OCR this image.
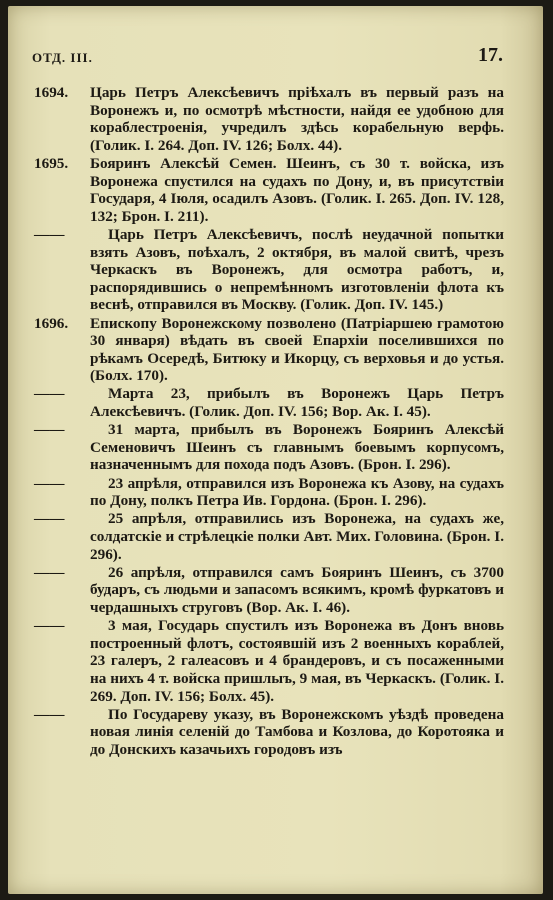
ОТД. III.	17.
1694.	Царь Петръ Алексѣевичъ пріѣхалъ въ первый разъ на Воронежъ и, по осмотрѣ мѣстности, найдя ее удобною для кораблестроенія, учредилъ здѣсь корабельную верфь. (Голик. I. 264. Доп. IV. 126; Болх. 44).
1695.	Бояринъ Алексѣй Семен. Шеинъ, съ 30 т. войска, изъ Воронежа спустился на судахъ по Дону, и, въ присутствіи Государя, 4 Іюля, осадилъ Азовъ. (Голик. I. 265. Доп. IV. 128, 132; Брон. I. 211).
——	Царь Петръ Алексѣевичъ, послѣ неудачной попытки взять Азовъ, поѣхалъ, 2 октября, въ малой свитѣ, чрезъ Черкаскъ въ Воронежъ, для осмотра работъ, и, распорядившись о непремѣнномъ изготовленіи флота къ веснѣ, отправился въ Москву. (Голик. Доп. IV. 145.)
1696.	Епископу Воронежскому позволено (Патріаршею грамотою 30 января) вѣдать въ своей Епархіи поселившихся по рѣкамъ Осередѣ, Битюку и Икорцу, съ верховья и до устья. (Болх. 170).
——	Марта 23, прибылъ въ Воронежъ Царь Петръ Алексѣевичъ. (Голик. Доп. IV. 156; Вор. Ак. I. 45).
——	31 марта, прибылъ въ Воронежъ Бояринъ Алексѣй Семеновичъ Шеинъ съ главнымъ боевымъ корпусомъ, назначеннымъ для похода подъ Азовъ. (Брон. I. 296).
——	23 апрѣля, отправился изъ Воронежа къ Азову, на судахъ по Дону, полкъ Петра Ив. Гордона. (Брон. I. 296).
——	25 апрѣля, отправились изъ Воронежа, на судахъ же, солдатскіе и стрѣлецкіе полки Авт. Мих. Головина. (Брон. I. 296).
——	26 апрѣля, отправился самъ Бояринъ Шеинъ, съ 3700 бударъ, съ людьми и запасомъ всякимъ, кромѣ фуркатовъ и чердашныхъ струговъ (Вор. Ак. I. 46).
——	3 мая, Государь спустилъ изъ Воронежа въ Донъ вновь построенный флотъ, состоявшій изъ 2 военныхъ кораблей, 23 галеръ, 2 галеасовъ и 4 брандеровъ, и съ посаженными на нихъ 4 т. войска пришлыъ, 9 мая, въ Черкаскъ. (Голик. I. 269. Доп. IV. 156; Болх. 45).
——	По Государеву указу, въ Воронежскомъ уѣздѣ проведена новая линія селеній до Тамбова и Козлова, до Коротояка и до Донскихъ казачьихъ городовъ изъ
